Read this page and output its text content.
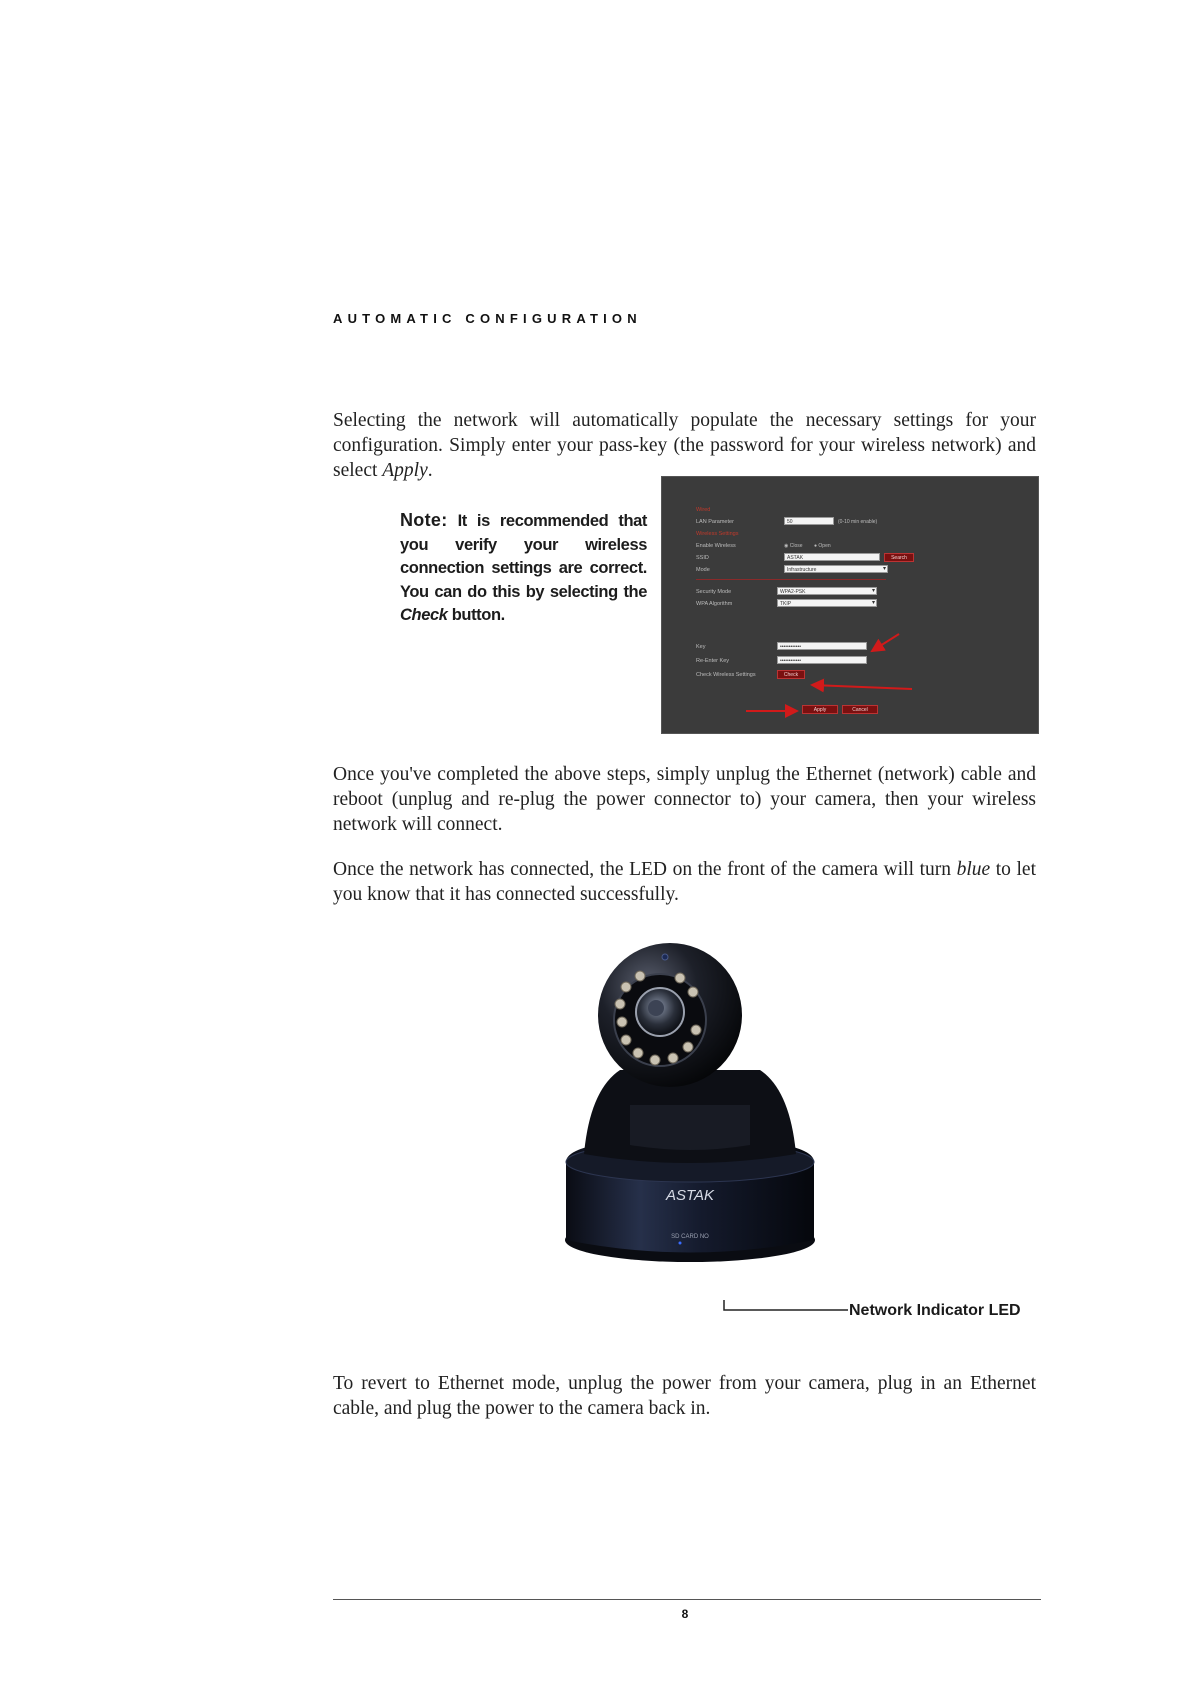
AUTOMATIC CONFIGURATION
Selecting the network will automatically populate the necessary settings for your configuration. Simply enter your pass-key (the password for your wireless network) and select Apply.
Note: It is recommended that you verify your wireless connection settings are correct. You can do this by selecting the Check button.
Wired
LAN Parameter	50	(0-10 min enable)
Wireless Settings
Enable Wireless	◉ Close ● Open
SSID	ASTAK	Search
Mode	Infrastructure ▾
Security Mode	WPA2-PSK ▾
WPA Algorithm	TKIP ▾
Key	••••••••••••
Re-Enter Key	••••••••••••
Check Wireless Settings	Check
Apply	Cancel
Once you've completed the above steps, simply unplug the Ethernet (network) cable and reboot (unplug and re-plug the power connector to) your camera, then your wireless network will connect.
Once the network has connected, the LED on the front of the camera will turn blue to let you know that it has connected successfully.
ASTAK
SD CARD NO
Network Indicator LED
To revert to Ethernet mode, unplug the power from your camera, plug in an Ethernet cable, and plug the power to the camera back in.
8
